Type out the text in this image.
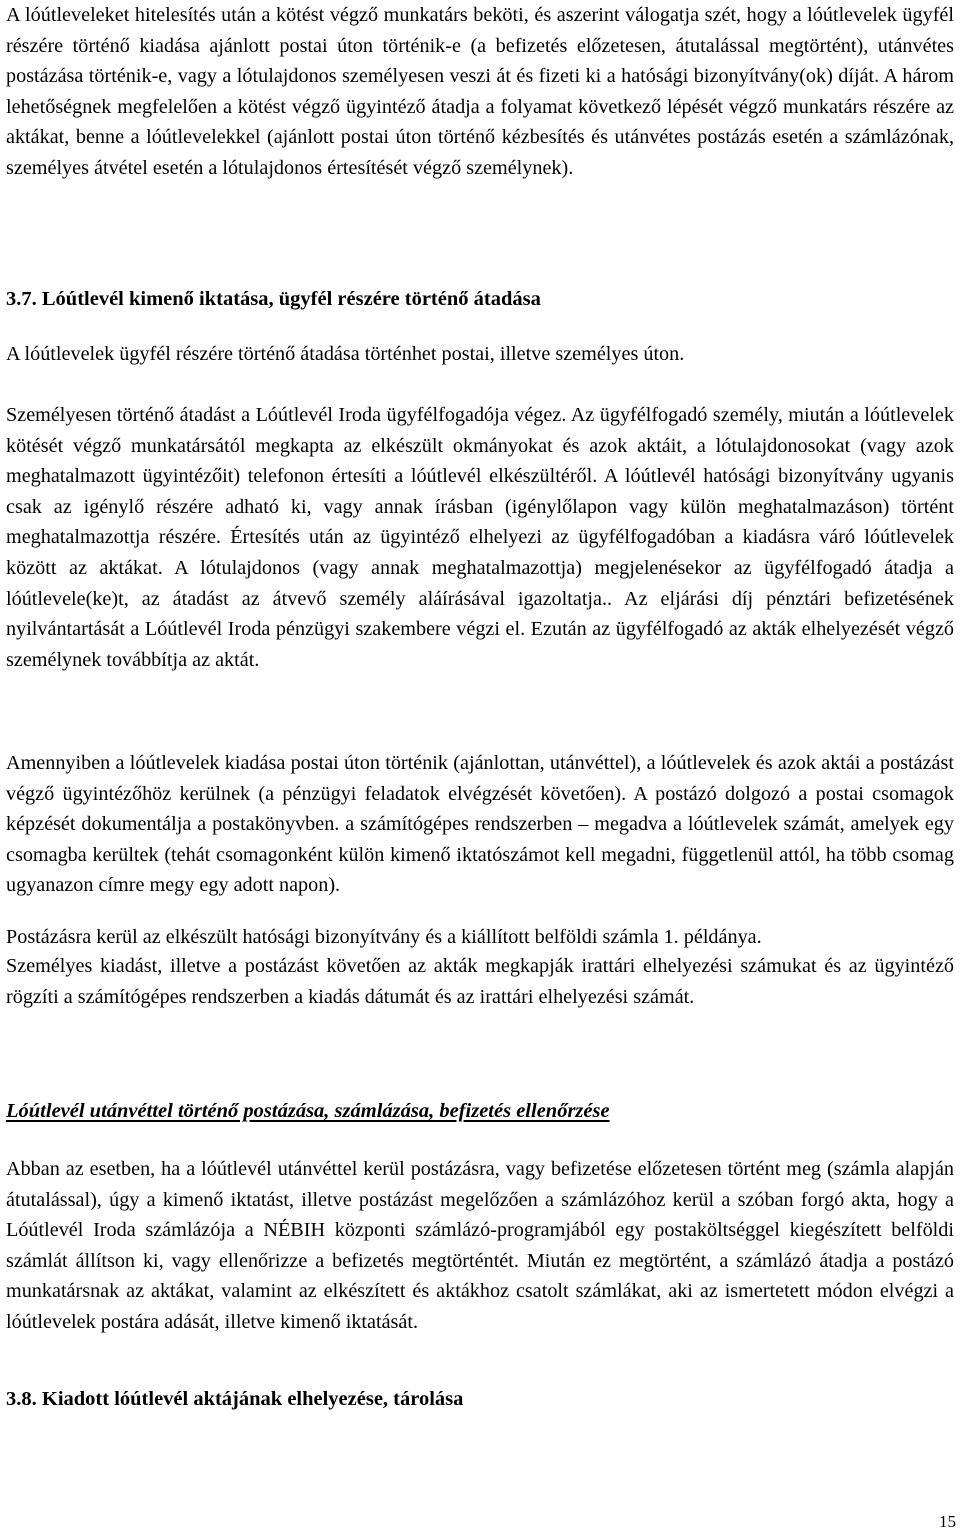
A lóútleveleket hitelesítés után a kötést végző munkatárs beköti, és aszerint válogatja szét, hogy a lóútlevelek ügyfél részére történő kiadása ajánlott postai úton történik-e (a befizetés előzetesen, átutalással megtörtént), utánvétes postázása történik-e, vagy a lótulajdonos személyesen veszi át és fizeti ki a hatósági bizonyítvány(ok) díját. A három lehetőségnek megfelelően a kötést végző ügyintéző átadja a folyamat következő lépését végző munkatárs részére az aktákat, benne a lóútlevelekkel (ajánlott postai úton történő kézbesítés és utánvétes postázás esetén a számlázónak, személyes átvétel esetén a lótulajdonos értesítését végző személynek).

3.7. Lóútlevél kimenő iktatása, ügyfél részére történő átadása

A lóútlevelek ügyfél részére történő átadása történhet postai, illetve személyes úton.

Személyesen történő átadást a Lóútlevél Iroda ügyfélfogadója végez. Az ügyfélfogadó személy, miután a lóútlevelek kötését végző munkatársától megkapta az elkészült okmányokat és azok aktáit, a lótulajdonosokat (vagy azok meghatalmazott ügyintézőit) telefonon értesíti a lóútlevél elkészültéről. A lóútlevél hatósági bizonyítvány ugyanis csak az igénylő részére adható ki, vagy annak írásban (igénylőlapon vagy külön meghatalmazáson) történt meghatalmazottja részére. Értesítés után az ügyintéző elhelyezi az ügyfélfogadóban a kiadásra váró lóútlevelek között az aktákat. A lótulajdonos (vagy annak meghatalmazottja) megjelenésekor az ügyfélfogadó átadja a lóútlevele(ke)t, az átadást az átvevő személy aláírásával igazoltatja.. Az eljárási díj pénztári befizetésének nyilvántartását a Lóútlevél Iroda pénzügyi szakembere végzi el. Ezután az ügyfélfogadó az akták elhelyezését végző személynek továbbítja az aktát.

Amennyiben a lóútlevelek kiadása postai úton történik (ajánlottan, utánvéttel), a lóútlevelek és azok aktái a postázást végző ügyintézőhöz kerülnek (a pénzügyi feladatok elvégzését követően). A postázó dolgozó a postai csomagok képzését dokumentálja a postakönyvben. a számítógépes rendszerben – megadva a lóútlevelek számát, amelyek egy csomagba kerültek (tehát csomagonként külön kimenő iktatószámot kell megadni, függetlenül attól, ha több csomag ugyanazon címre megy egy adott napon).

Postázásra kerül az elkészült hatósági bizonyítvány és a kiállított belföldi számla 1. példánya.

Személyes kiadást, illetve a postázást követően az akták megkapják irattári elhelyezési számukat és az ügyintéző rögzíti a számítógépes rendszerben a kiadás dátumát és az irattári elhelyezési számát.

Lóútlevél utánvéttel történő postázása, számlázása, befizetés ellenőrzése

Abban az esetben, ha a lóútlevél utánvéttel kerül postázásra, vagy befizetése előzetesen történt meg (számla alapján átutalással), úgy a kimenő iktatást, illetve postázást megelőzően a számlázóhoz kerül a szóban forgó akta, hogy a Lóútlevél Iroda számlázója a NÉBIH központi számlázó-programjából egy postaköltséggel kiegészített belföldi számlát állítson ki, vagy ellenőrizze a befizetés megtörténtét. Miután ez megtörtént, a számlázó átadja a postázó munkatársnak az aktákat, valamint az elkészített és aktákhoz csatolt számlákat, aki az ismertetett módon elvégzi a lóútlevelek postára adását, illetve kimenő iktatását.

3.8. Kiadott lóútlevél aktájának elhelyezése, tárolása

15
